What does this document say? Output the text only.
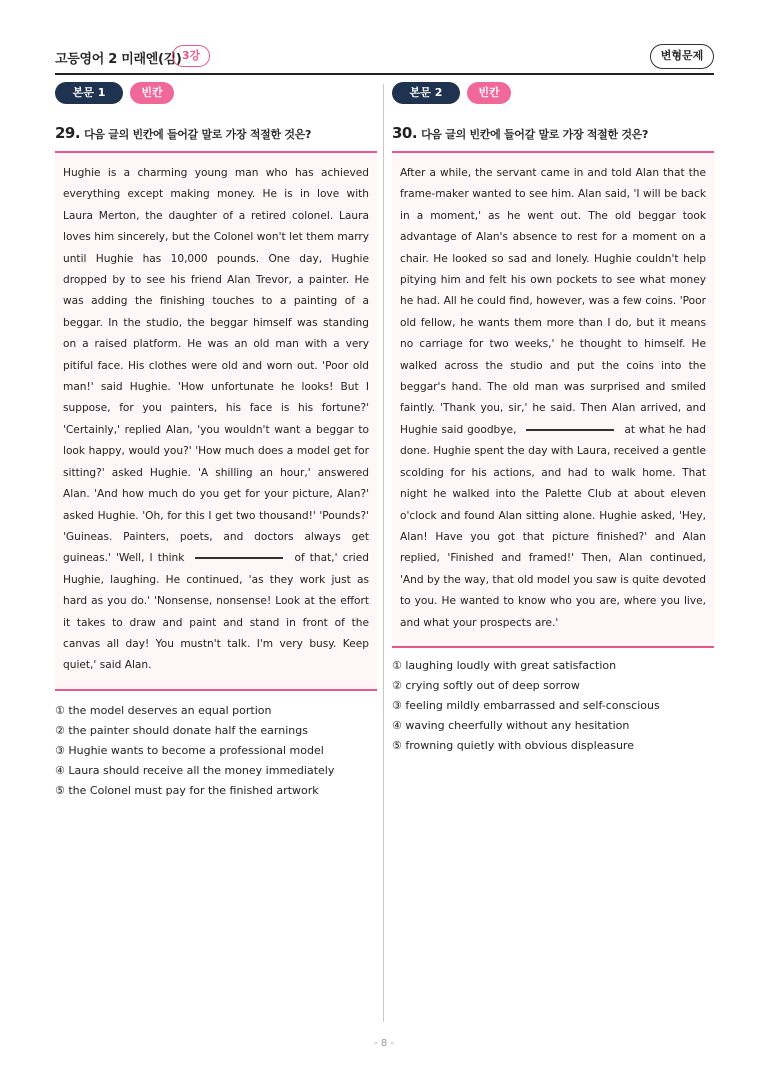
고등영어 2 미래엔(김) 3강	변형문제
본문 1	빈칸
29. 다음 글의 빈칸에 들어갈 말로 가장 적절한 것은?
Hughie is a charming young man who has achieved everything except making money. He is in love with Laura Merton, the daughter of a retired colonel. Laura loves him sincerely, but the Colonel won't let them marry until Hughie has 10,000 pounds. One day, Hughie dropped by to see his friend Alan Trevor, a painter. He was adding the finishing touches to a painting of a beggar. In the studio, the beggar himself was standing on a raised platform. He was an old man with a very pitiful face. His clothes were old and worn out. 'Poor old man!' said Hughie. 'How unfortunate he looks! But I suppose, for you painters, his face is his fortune?' 'Certainly,' replied Alan, 'you wouldn't want a beggar to look happy, would you?' 'How much does a model get for sitting?' asked Hughie. 'A shilling an hour,' answered Alan. 'And how much do you get for your picture, Alan?' asked Hughie. 'Oh, for this I get two thousand!' 'Pounds?' 'Guineas. Painters, poets, and doctors always get guineas.' 'Well, I think	of that,' cried Hughie, laughing. He continued, 'as they work just as hard as you do.' 'Nonsense, nonsense! Look at the effort it takes to draw and paint and stand in front of the canvas all day! You mustn't talk. I'm very busy. Keep quiet,' said Alan.
① the model deserves an equal portion
② the painter should donate half the earnings
③ Hughie wants to become a professional model
④ Laura should receive all the money immediately
⑤ the Colonel must pay for the finished artwork
본문 2	빈칸
30. 다음 글의 빈칸에 들어갈 말로 가장 적절한 것은?
After a while, the servant came in and told Alan that the frame-maker wanted to see him. Alan said, 'I will be back in a moment,' as he went out. The old beggar took advantage of Alan's absence to rest for a moment on a chair. He looked so sad and lonely. Hughie couldn't help pitying him and felt his own pockets to see what money he had. All he could find, however, was a few coins. 'Poor old fellow, he wants them more than I do, but it means no carriage for two weeks,' he thought to himself. He walked across the studio and put the coins into the beggar's hand. The old man was surprised and smiled faintly. 'Thank you, sir,' he said. Then Alan arrived, and Hughie said goodbye,	at what he had done. Hughie spent the day with Laura, received a gentle scolding for his actions, and had to walk home. That night he walked into the Palette Club at about eleven o'clock and found Alan sitting alone. Hughie asked, 'Hey, Alan! Have you got that picture finished?' and Alan replied, 'Finished and framed!' Then, Alan continued, 'And by the way, that old model you saw is quite devoted to you. He wanted to know who you are, where you live, and what your prospects are.'
① laughing loudly with great satisfaction
② crying softly out of deep sorrow
③ feeling mildly embarrassed and self-conscious
④ waving cheerfully without any hesitation
⑤ frowning quietly with obvious displeasure
- 8 -
